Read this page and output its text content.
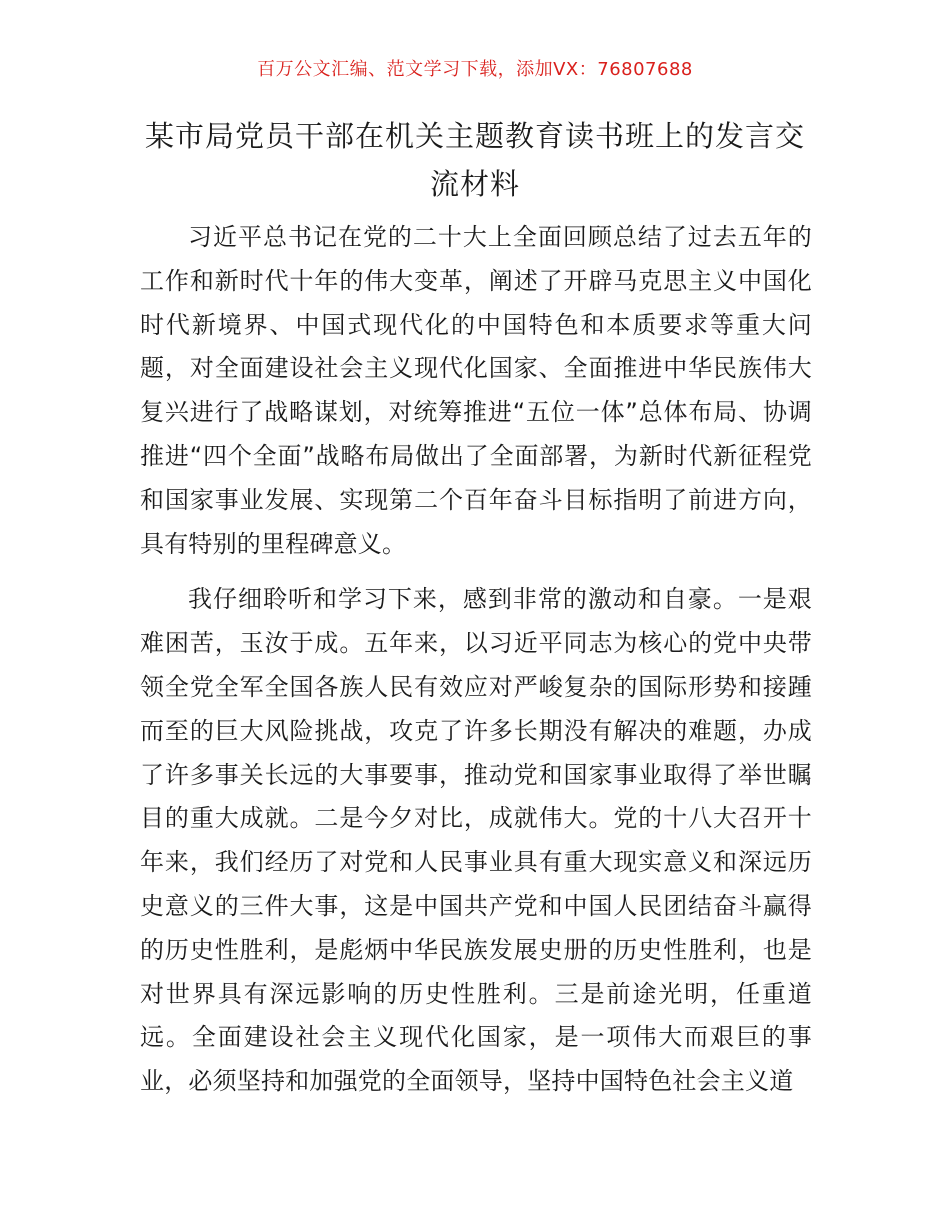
百万公文汇编、范文学习下载，添加VX：76807688
某市局党员干部在机关主题教育读书班上的发言交流材料

习近平总书记在党的二十大上全面回顾总结了过去五年的工作和新时代十年的伟大变革，阐述了开辟马克思主义中国化时代新境界、中国式现代化的中国特色和本质要求等重大问题，对全面建设社会主义现代化国家、全面推进中华民族伟大复兴进行了战略谋划，对统筹推进“五位一体”总体布局、协调推进“四个全面”战略布局做出了全面部署，为新时代新征程党和国家事业发展、实现第二个百年奋斗目标指明了前进方向，具有特别的里程碑意义。

我仔细聆听和学习下来，感到非常的激动和自豪。一是艰难困苦，玉汝于成。五年来，以习近平同志为核心的党中央带领全党全军全国各族人民有效应对严峻复杂的国际形势和接踵而至的巨大风险挑战，攻克了许多长期没有解决的难题，办成了许多事关长远的大事要事，推动党和国家事业取得了举世瞩目的重大成就。二是今夕对比，成就伟大。党的十八大召开十年来，我们经历了对党和人民事业具有重大现实意义和深远历史意义的三件大事，这是中国共产党和中国人民团结奋斗赢得的历史性胜利，是彪炳中华民族发展史册的历史性胜利，也是对世界具有深远影响的历史性胜利。三是前途光明，任重道远。全面建设社会主义现代化国家，是一项伟大而艰巨的事业，必须坚持和加强党的全面领导，坚持中国特色社会主义道
